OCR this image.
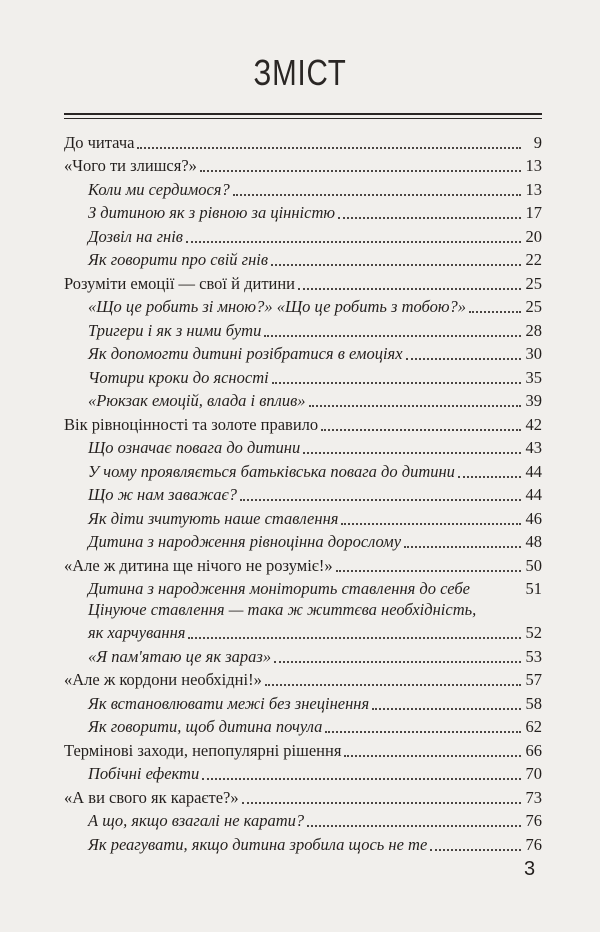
ЗМІСТ
До читача	9
«Чого ти злишся?»	13
Коли ми сердимося?	13
З дитиною як з рівною за цінністю	17
Дозвіл на гнів	20
Як говорити про свій гнів	22
Розуміти емоції — свої й дитини	25
«Що це робить зі мною?» «Що це робить з тобою?»	25
Тригери і як з ними бути	28
Як допомогти дитині розібратися в емоціях	30
Чотири кроки до ясності	35
«Рюкзак емоцій, влада і вплив»	39
Вік рівноцінності та золоте правило	42
Що означає повага до дитини	43
У чому проявляється батьківська повага до дитини	44
Що ж нам заважає?	44
Як діти зчитують наше ставлення	46
Дитина з народження рівноцінна дорослому	48
«Але ж дитина ще нічого не розуміє!»	50
Дитина з народження моніторить ставлення до себе	51
Цінуюче ставлення — така ж життєва необхідність,
як харчування	52
«Я пам'ятаю це як зараз»	53
«Але ж кордони необхідні!»	57
Як встановлювати межі без знецінення	58
Як говорити, щоб дитина почула	62
Термінові заходи, непопулярні рішення	66
Побічні ефекти	70
«А ви свого як караєте?»	73
А що, якщо взагалі не карати?	76
Як реагувати, якщо дитина зробила щось не те	76
3
